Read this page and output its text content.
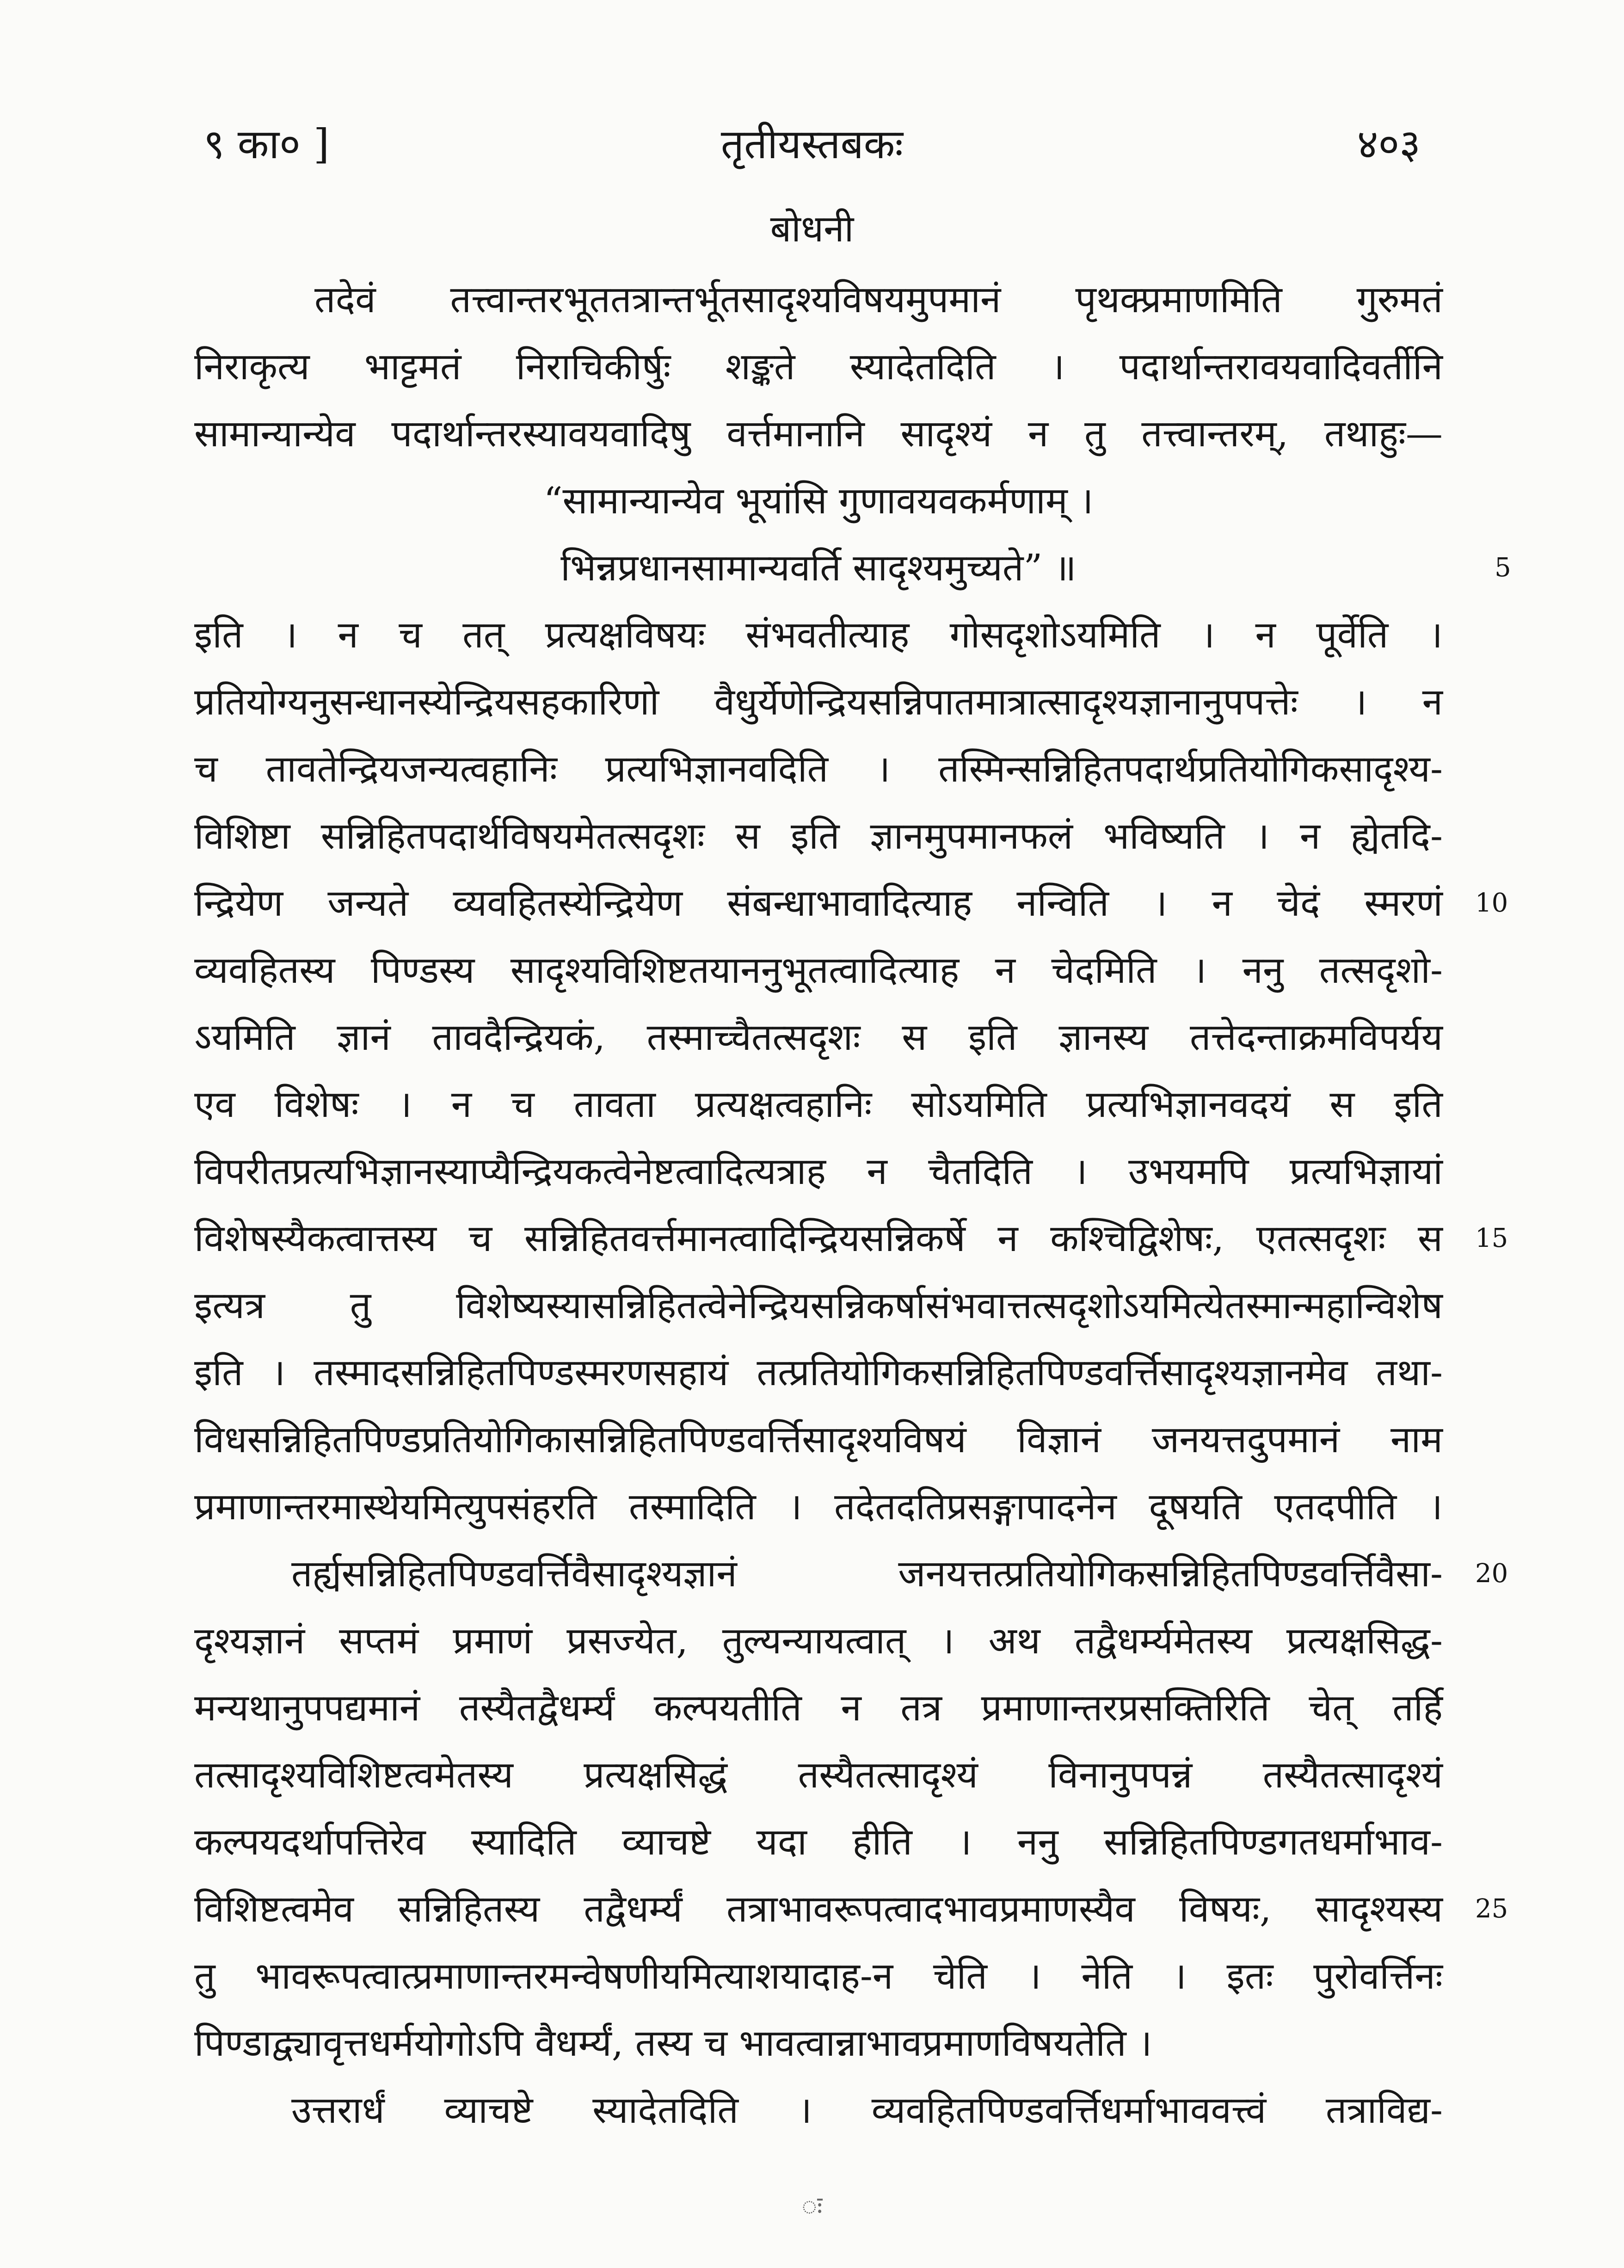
९ का० ]	तृतीयस्तबकः	४०३
बोधनी
तदेवं तत्त्वान्तरभूततत्रान्तर्भूतसादृश्यविषयमुपमानं पृथक्प्रमाणमिति गुरुमतं
निराकृत्य भाट्टमतं निराचिकीर्षुः शङ्कते स्यादेतदिति । पदार्थान्तरावयवादिवर्तीनि
सामान्यान्येव पदार्थान्तरस्यावयवादिषु वर्त्तमानानि सादृश्यं न तु तत्त्वान्तरम्, तथाहुः—
“सामान्यान्येव भूयांसि गुणावयवकर्मणाम् ।
भिन्नप्रधानसामान्यवर्ति सादृश्यमुच्यते” ॥	5
इति । न च तत् प्रत्यक्षविषयः संभवतीत्याह गोसदृशोऽयमिति । न पूर्वेति ।
प्रतियोग्यनुसन्धानस्येन्द्रियसहकारिणो वैधुर्येणेन्द्रियसन्निपातमात्रात्सादृश्यज्ञानानुपपत्तेः । न
च तावतेन्द्रियजन्यत्वहानिः प्रत्यभिज्ञानवदिति । तस्मिन्सन्निहितपदार्थप्रतियोगिकसादृश्य-
विशिष्टा सन्निहितपदार्थविषयमेतत्सदृशः स इति ज्ञानमुपमानफलं भविष्यति । न ह्येतदि-
न्द्रियेण जन्यते व्यवहितस्येन्द्रियेण संबन्धाभावादित्याह नन्विति । न चेदं स्मरणं 10
व्यवहितस्य पिण्डस्य सादृश्यविशिष्टतयाननुभूतत्वादित्याह न चेदमिति । ननु तत्सदृशो-
ऽयमिति ज्ञानं तावदैन्द्रियकं, तस्माच्चैतत्सदृशः स इति ज्ञानस्य तत्तेदन्ताक्रमविपर्यय
एव विशेषः । न च तावता प्रत्यक्षत्वहानिः सोऽयमिति प्रत्यभिज्ञानवदयं स इति
विपरीतप्रत्यभिज्ञानस्याप्यैन्द्रियकत्वेनेष्टत्वादित्यत्राह न चैतदिति । उभयमपि प्रत्यभिज्ञायां
विशेषस्यैकत्वात्तस्य च सन्निहितवर्त्तमानत्वादिन्द्रियसन्निकर्षे न कश्चिद्विशेषः, एतत्सदृशः स 15
इत्यत्र तु विशेष्यस्यासन्निहितत्वेनेन्द्रियसन्निकर्षासंभवात्तत्सदृशोऽयमित्येतस्मान्महान्विशेष
इति । तस्मादसन्निहितपिण्डस्मरणसहायं तत्प्रतियोगिकसन्निहितपिण्डवर्त्तिसादृश्यज्ञानमेव तथा-
विधसन्निहितपिण्डप्रतियोगिकासन्निहितपिण्डवर्त्तिसादृश्यविषयं विज्ञानं जनयत्तदुपमानं नाम
प्रमाणान्तरमास्थेयमित्युपसंहरति तस्मादिति । तदेतदतिप्रसङ्गापादनेन दूषयति एतदपीति ।
तर्ह्यसन्निहितपिण्डवर्त्तिवैसादृश्यज्ञानं जनयत्तत्प्रतियोगिकसन्निहितपिण्डवर्त्तिवैसा- 20
दृश्यज्ञानं सप्तमं प्रमाणं प्रसज्येत, तुल्यन्यायत्वात् । अथ तद्वैधर्म्यमेतस्य प्रत्यक्षसिद्ध-
मन्यथानुपपद्यमानं तस्यैतद्वैधर्म्यं कल्पयतीति न तत्र प्रमाणान्तरप्रसक्तिरिति चेत् तर्हि
तत्सादृश्यविशिष्टत्वमेतस्य प्रत्यक्षसिद्धं तस्यैतत्सादृश्यं विनानुपपन्नं तस्यैतत्सादृश्यं
कल्पयदर्थापत्तिरेव स्यादिति व्याचष्टे यदा हीति । ननु सन्निहितपिण्डगतधर्माभाव-
विशिष्टत्वमेव सन्निहितस्य तद्वैधर्म्यं तत्राभावरूपत्वादभावप्रमाणस्यैव विषयः, सादृश्यस्य 25
तु भावरूपत्वात्प्रमाणान्तरमन्वेषणीयमित्याशयादाह-न चेति । नेति । इतः पुरोवर्त्तिनः
पिण्डाद्व्यावृत्तधर्मयोगोऽपि वैधर्म्यं, तस्य च भावत्वान्नाभावप्रमाणविषयतेति ।
उत्तरार्धं व्याचष्टे स्यादेतदिति । व्यवहितपिण्डवर्त्तिधर्माभाववत्त्वं तत्राविद्य-
ः
